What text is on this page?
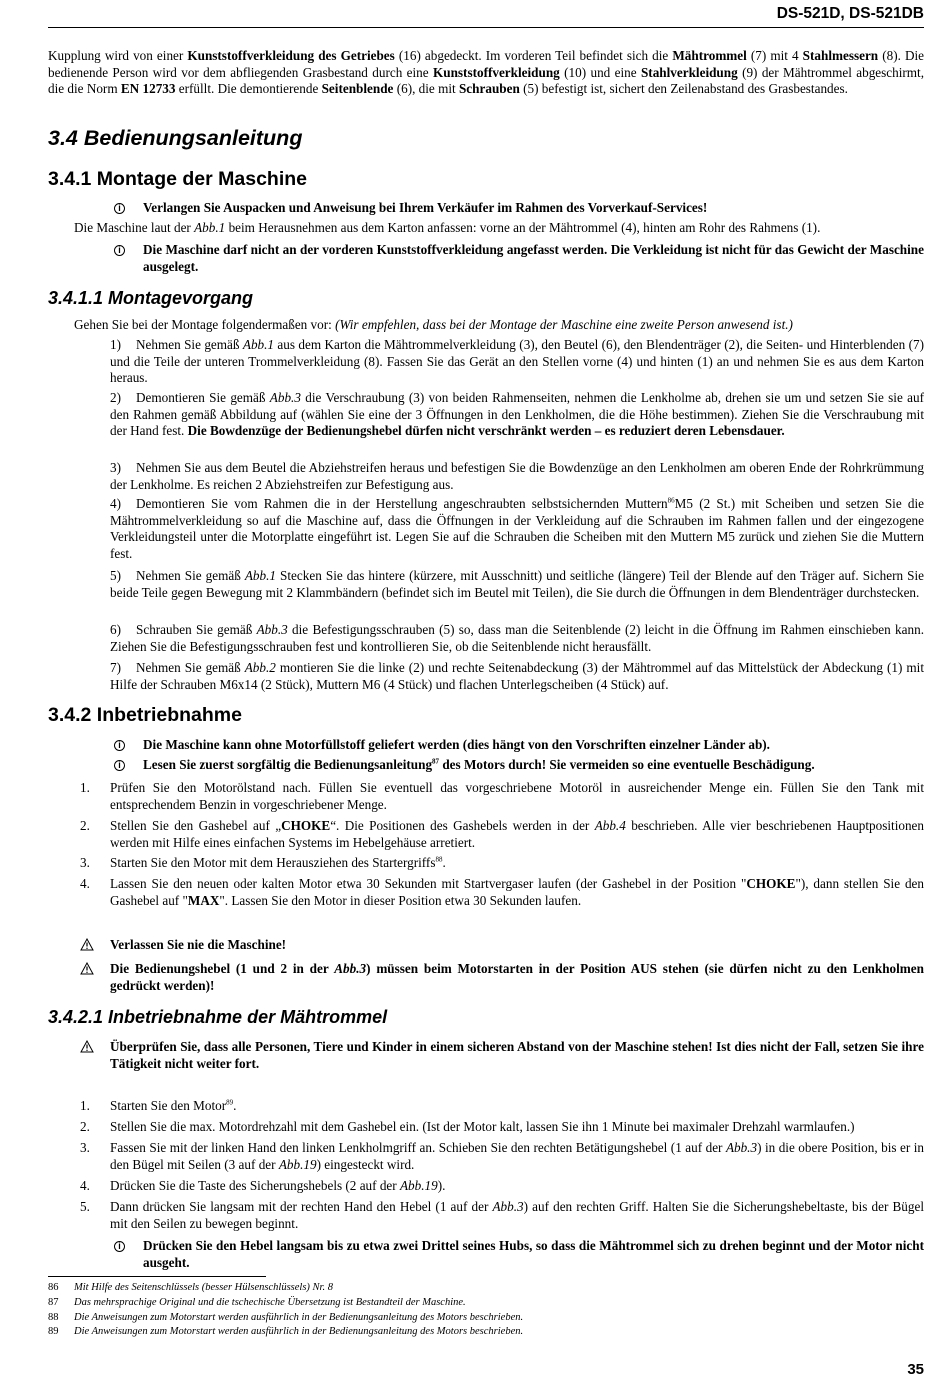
DS-521D, DS-521DB
Kupplung wird von einer Kunststoffverkleidung des Getriebes (16) abgedeckt. Im vorderen Teil befindet sich die Mähtrommel (7) mit 4 Stahlmessern (8). Die bedienende Person wird vor dem abfliegenden Grasbestand durch eine Kunststoffverkleidung (10) und eine Stahlverkleidung (9) der Mähtrommel abgeschirmt, die die Norm EN 12733 erfüllt. Die demontierende Seitenblende (6), die mit Schrauben (5) befestigt ist, sichert den Zeilenabstand des Grasbestandes.
3.4 Bedienungsanleitung
3.4.1 Montage der Maschine
i	Verlangen Sie Auspacken und Anweisung bei Ihrem Verkäufer im Rahmen des Vorverkauf-Services!
Die Maschine laut der Abb.1 beim Herausnehmen aus dem Karton anfassen: vorne an der Mähtrommel (4), hinten am Rohr des Rahmens (1).
i	Die Maschine darf nicht an der vorderen Kunststoffverkleidung angefasst werden. Die Verkleidung ist nicht für das Gewicht der Maschine ausgelegt.
3.4.1.1 Montagevorgang
Gehen Sie bei der Montage folgendermaßen vor: (Wir empfehlen, dass bei der Montage der Maschine eine zweite Person anwesend ist.)
1) Nehmen Sie gemäß Abb.1 aus dem Karton die Mähtrommelverkleidung (3), den Beutel (6), den Blendenträger (2), die Seiten- und Hinterblenden (7) und die Teile der unteren Trommelverkleidung (8). Fassen Sie das Gerät an den Stellen vorne (4) und hinten (1) an und nehmen Sie es aus dem Karton heraus.
2) Demontieren Sie gemäß Abb.3 die Verschraubung (3) von beiden Rahmenseiten, nehmen die Lenkholme ab, drehen sie um und setzen Sie sie auf den Rahmen gemäß Abbildung auf (wählen Sie eine der 3 Öffnungen in den Lenkholmen, die die Höhe bestimmen). Ziehen Sie die Verschraubung mit der Hand fest. Die Bowdenzüge der Bedienungshebel dürfen nicht verschränkt werden – es reduziert deren Lebensdauer.
3) Nehmen Sie aus dem Beutel die Abziehstreifen heraus und befestigen Sie die Bowdenzüge an den Lenkholmen am oberen Ende der Rohrkrümmung der Lenkholme. Es reichen 2 Abziehstreifen zur Befestigung aus.
4) Demontieren Sie vom Rahmen die in der Herstellung angeschraubten selbstsichernden Muttern$^{86}$M5 (2 St.) mit Scheiben und setzen Sie die Mähtrommelverkleidung so auf die Maschine auf, dass die Öffnungen in der Verkleidung auf die Schrauben im Rahmen fallen und der eingezogene Verkleidungsteil unter die Motorplatte eingeführt ist. Legen Sie auf die Schrauben die Scheiben mit den Muttern M5 zurück und ziehen Sie die Muttern fest.
5) Nehmen Sie gemäß Abb.1 Stecken Sie das hintere (kürzere, mit Ausschnitt) und seitliche (längere) Teil der Blende auf den Träger auf. Sichern Sie beide Teile gegen Bewegung mit 2 Klammbändern (befindet sich im Beutel mit Teilen), die Sie durch die Öffnungen in dem Blendenträger durchstecken.
6) Schrauben Sie gemäß Abb.3 die Befestigungsschrauben (5) so, dass man die Seitenblende (2) leicht in die Öffnung im Rahmen einschieben kann. Ziehen Sie die Befestigungsschrauben fest und kontrollieren Sie, ob die Seitenblende nicht herausfällt.
7) Nehmen Sie gemäß Abb.2 montieren Sie die linke (2) und rechte Seitenabdeckung (3) der Mähtrommel auf das Mittelstück der Abdeckung (1) mit Hilfe der Schrauben M6x14 (2 Stück), Muttern M6 (4 Stück) und flachen Unterlegscheiben (4 Stück) auf.
3.4.2 Inbetriebnahme
i	Die Maschine kann ohne Motorfüllstoff geliefert werden (dies hängt von den Vorschriften einzelner Länder ab).
i	Lesen Sie zuerst sorgfältig die Bedienungsanleitung$^{87}$ des Motors durch! Sie vermeiden so eine eventuelle Beschädigung.
1. Prüfen Sie den Motorölstand nach. Füllen Sie eventuell das vorgeschriebene Motoröl in ausreichender Menge ein. Füllen Sie den Tank mit entsprechendem Benzin in vorgeschriebener Menge.
2. Stellen Sie den Gashebel auf „CHOKE“. Die Positionen des Gashebels werden in der Abb.4 beschrieben. Alle vier beschriebenen Hauptpositionen werden mit Hilfe eines einfachen Systems im Hebelgehäuse arretiert.
3. Starten Sie den Motor mit dem Herausziehen des Startergriffs$^{88}$.
4. Lassen Sie den neuen oder kalten Motor etwa 30 Sekunden mit Startvergaser laufen (der Gashebel in der Position "CHOKE"), dann stellen Sie den Gashebel auf "MAX". Lassen Sie den Motor in dieser Position etwa 30 Sekunden laufen.
Verlassen Sie nie die Maschine!
Die Bedienungshebel (1 und 2 in der Abb.3) müssen beim Motorstarten in der Position AUS stehen (sie dürfen nicht zu den Lenkholmen gedrückt werden)!
3.4.2.1 Inbetriebnahme der Mähtrommel
Überprüfen Sie, dass alle Personen, Tiere und Kinder in einem sicheren Abstand von der Maschine stehen! Ist dies nicht der Fall, setzen Sie ihre Tätigkeit nicht weiter fort.
1. Starten Sie den Motor$^{89}$.
2. Stellen Sie die max. Motordrehzahl mit dem Gashebel ein. (Ist der Motor kalt, lassen Sie ihn 1 Minute bei maximaler Drehzahl warmlaufen.)
3. Fassen Sie mit der linken Hand den linken Lenkholmgriff an. Schieben Sie den rechten Betätigungshebel (1 auf der Abb.3) in die obere Position, bis er in den Bügel mit Seilen (3 auf der Abb.19) eingesteckt wird.
4. Drücken Sie die Taste des Sicherungshebels (2 auf der Abb.19).
5. Dann drücken Sie langsam mit der rechten Hand den Hebel (1 auf der Abb.3) auf den rechten Griff. Halten Sie die Sicherungshebeltaste, bis der Bügel mit den Seilen zu bewegen beginnt.
i	Drücken Sie den Hebel langsam bis zu etwa zwei Drittel seines Hubs, so dass die Mähtrommel sich zu drehen beginnt und der Motor nicht ausgeht.
86 Mit Hilfe des Seitenschlüssels (besser Hülsenschlüssels) Nr. 8
87 Das mehrsprachige Original und die tschechische Übersetzung ist Bestandteil der Maschine.
88 Die Anweisungen zum Motorstart werden ausführlich in der Bedienungsanleitung des Motors beschrieben.
89 Die Anweisungen zum Motorstart werden ausführlich in der Bedienungsanleitung des Motors beschrieben.
35
